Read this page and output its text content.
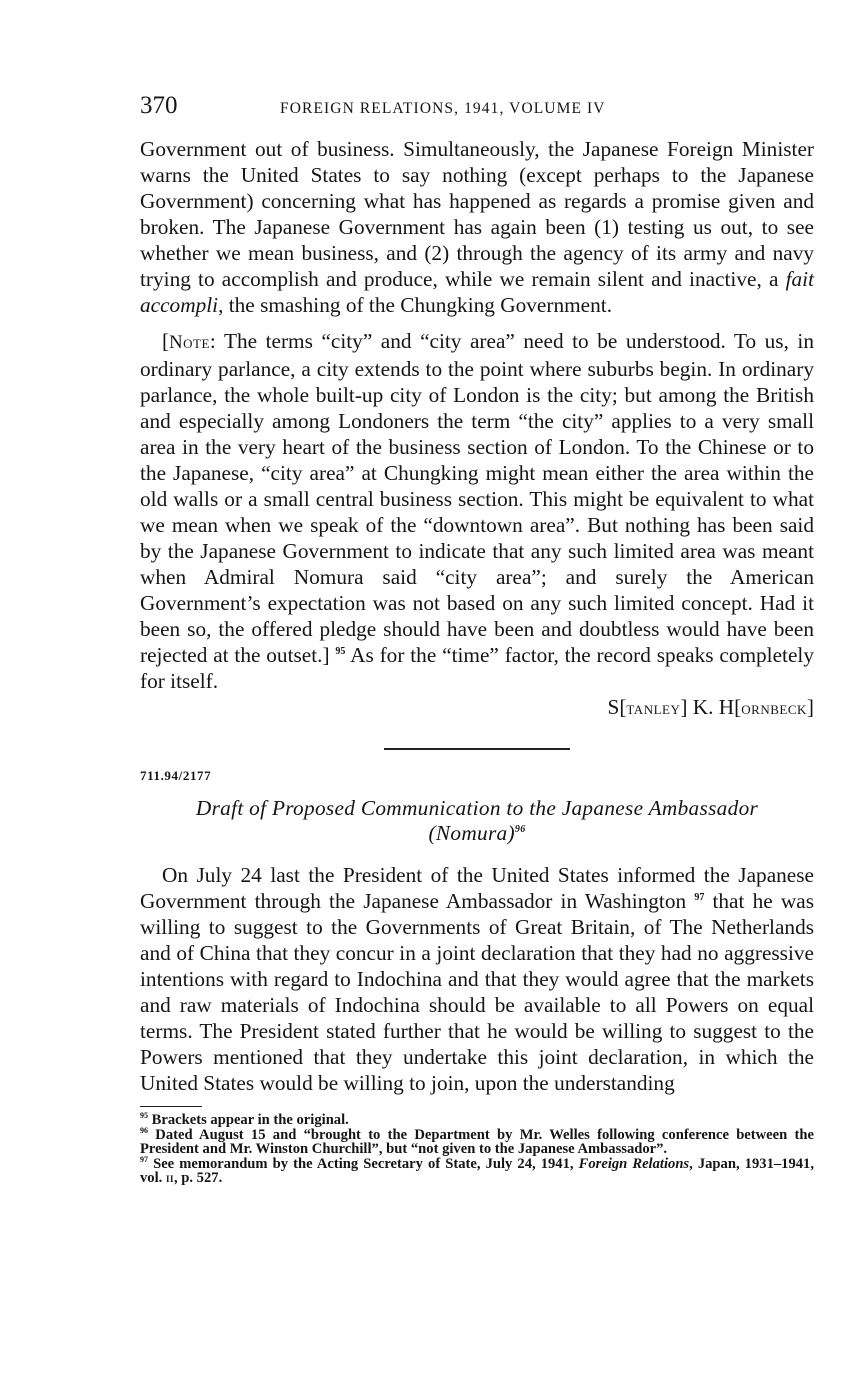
370	FOREIGN RELATIONS, 1941, VOLUME IV

Government out of business. Simultaneously, the Japanese Foreign Minister warns the United States to say nothing (except perhaps to the Japanese Government) concerning what has happened as regards a promise given and broken. The Japanese Government has again been (1) testing us out, to see whether we mean business, and (2) through the agency of its army and navy trying to accomplish and produce, while we remain silent and inactive, a fait accompli, the smashing of the Chungking Government.

[Note: The terms “city” and “city area” need to be understood. To us, in ordinary parlance, a city extends to the point where suburbs begin. In ordinary parlance, the whole built-up city of London is the city; but among the British and especially among Londoners the term “the city” applies to a very small area in the very heart of the business section of London. To the Chinese or to the Japanese, “city area” at Chungking might mean either the area within the old walls or a small central business section. This might be equivalent to what we mean when we speak of the “downtown area”. But nothing has been said by the Japanese Government to indicate that any such limited area was meant when Admiral Nomura said “city area”; and surely the American Government’s expectation was not based on any such limited concept. Had it been so, the offered pledge should have been and doubtless would have been rejected at the outset.] $^{95}$ As for the “time” factor, the record speaks completely for itself.

S[tanley] K. H[ornbeck]
711.94/2177
Draft of Proposed Communication to the Japanese Ambassador
(Nomura)$^{96}$

On July 24 last the President of the United States informed the Japanese Government through the Japanese Ambassador in Washington $^{97}$ that he was willing to suggest to the Governments of Great Britain, of The Netherlands and of China that they concur in a joint declaration that they had no aggressive intentions with regard to Indochina and that they would agree that the markets and raw materials of Indochina should be available to all Powers on equal terms. The President stated further that he would be willing to suggest to the Powers mentioned that they undertake this joint declaration, in which the United States would be willing to join, upon the understanding

$^{95}$ Brackets appear in the original.

$^{96}$ Dated August 15 and “brought to the Department by Mr. Welles following conference between the President and Mr. Winston Churchill”, but “not given to the Japanese Ambassador”.

$^{97}$ See memorandum by the Acting Secretary of State, July 24, 1941, Foreign Relations, Japan, 1931–1941, vol. ii, p. 527.
